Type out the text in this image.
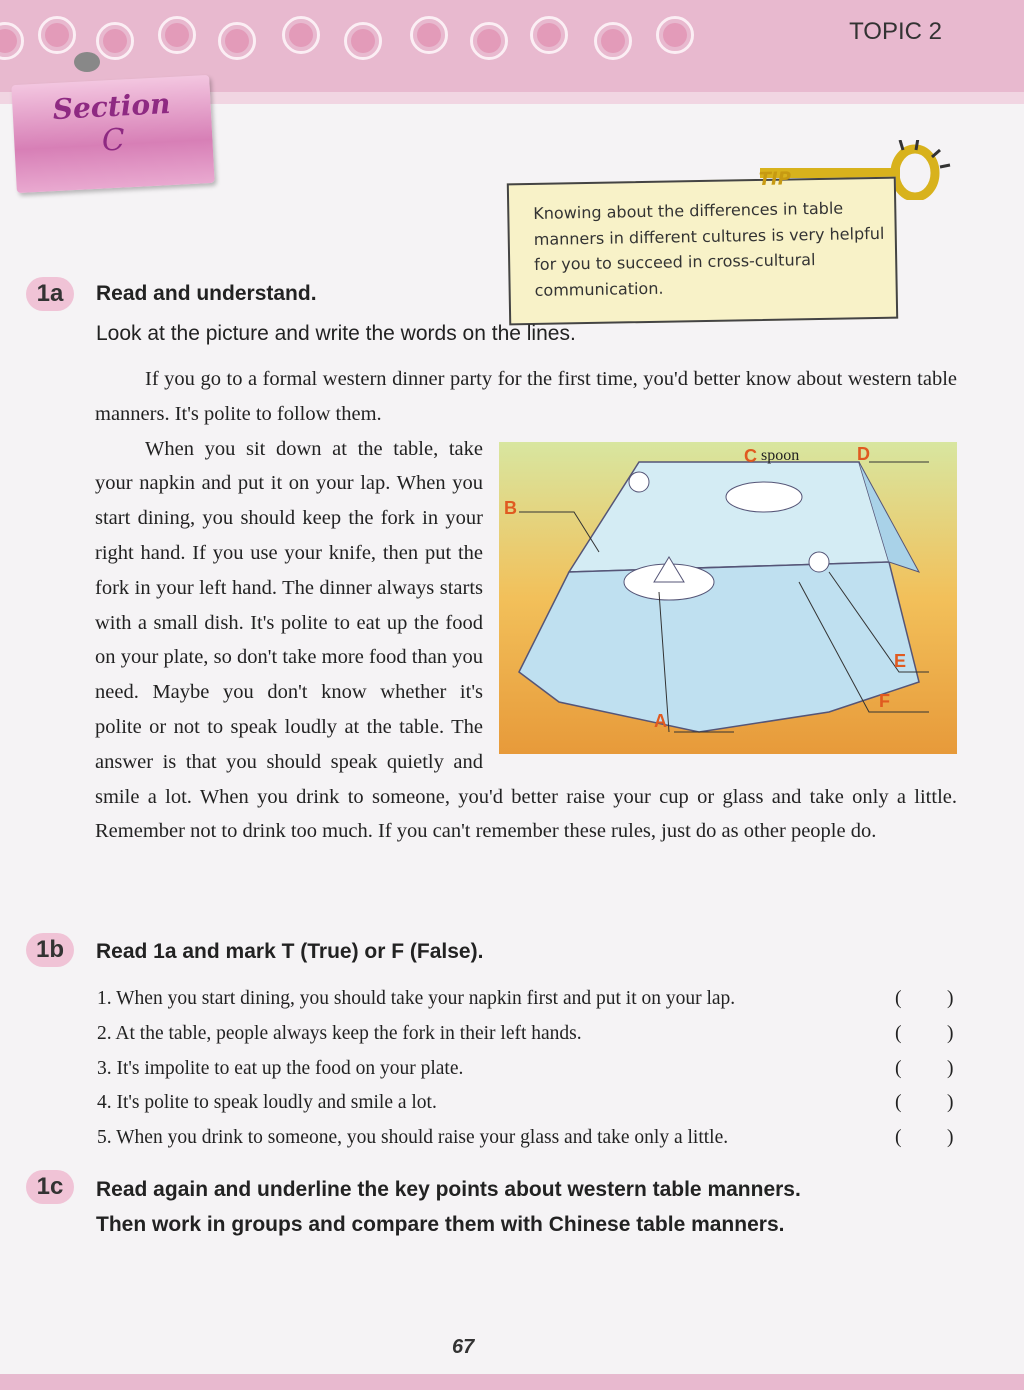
TOPIC 2
Section
C
TIP
Knowing about the differences in table manners in different cultures is very helpful for you to succeed in cross-cultural communication.
1a	Read and understand.
Look at the picture and write the words on the lines.

If you go to a formal western dinner party for the first time, you'd better know about western table manners. It's polite to follow them.

B
C spoon	D
E
F
A

When you sit down at the table, take your napkin and put it on your lap. When you start dining, you should keep the fork in your right hand. If you use your knife, then put the fork in your left hand. The dinner always starts with a small dish. It's polite to eat up the food on your plate, so don't take more food than you need. Maybe you don't know whether it's polite or not to speak loudly at the table. The answer is that you should speak quietly and smile a lot. When you drink to someone, you'd better raise your cup or glass and take only a little. Remember not to drink too much. If you can't remember these rules, just do as other people do.

1b	Read 1a and mark T (True) or F (False).
1. When you start dining, you should take your napkin first and put it on your lap.	( )
2. At the table, people always keep the fork in their left hands.	( )
3. It's impolite to eat up the food on your plate.	( )
4. It's polite to speak loudly and smile a lot.	( )
5. When you drink to someone, you should raise your glass and take only a little.	( )
1c	Read again and underline the key points about western table manners.
Then work in groups and compare them with Chinese table manners.
67
